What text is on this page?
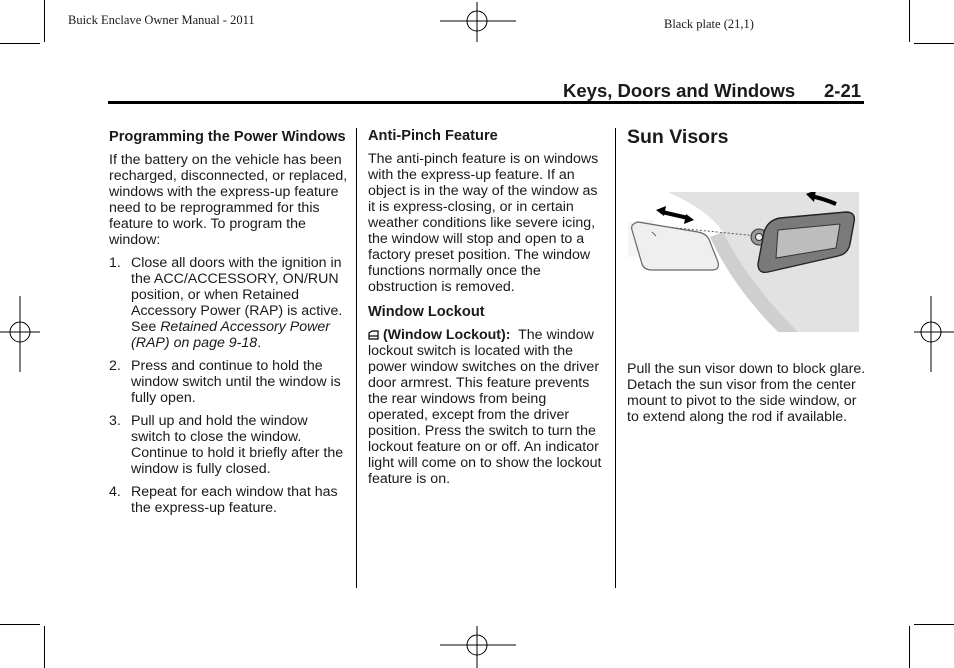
Buick Enclave Owner Manual - 2011	Black plate (21,1)
Keys, Doors and Windows 2-21
Programming the Power Windows

If the battery on the vehicle has been recharged, disconnected, or replaced, windows with the express-up feature need to be reprogrammed for this feature to work. To program the window:

1. Close all doors with the ignition in the ACC/ACCESSORY, ON/RUN position, or when Retained Accessory Power (RAP) is active.
See Retained Accessory Power (RAP) on page 9-18.
2. Press and continue to hold the window switch until the window is fully open.
3. Pull up and hold the window switch to close the window. Continue to hold it briefly after the window is fully closed.
4. Repeat for each window that has the express-up feature.
Anti-Pinch Feature

The anti-pinch feature is on windows with the express-up feature. If an object is in the way of the window as it is express-closing, or in certain weather conditions like severe icing, the window will stop and open to a factory preset position. The window functions normally once the obstruction is removed.

Window Lockout

(Window Lockout): The window lockout switch is located with the power window switches on the driver door armrest. This feature prevents the rear windows from being operated, except from the driver position. Press the switch to turn the lockout feature on or off. An indicator light will come on to show the lockout feature is on.

Sun Visors

Pull the sun visor down to block glare. Detach the sun visor from the center mount to pivot to the side window, or to extend along the rod if available.
